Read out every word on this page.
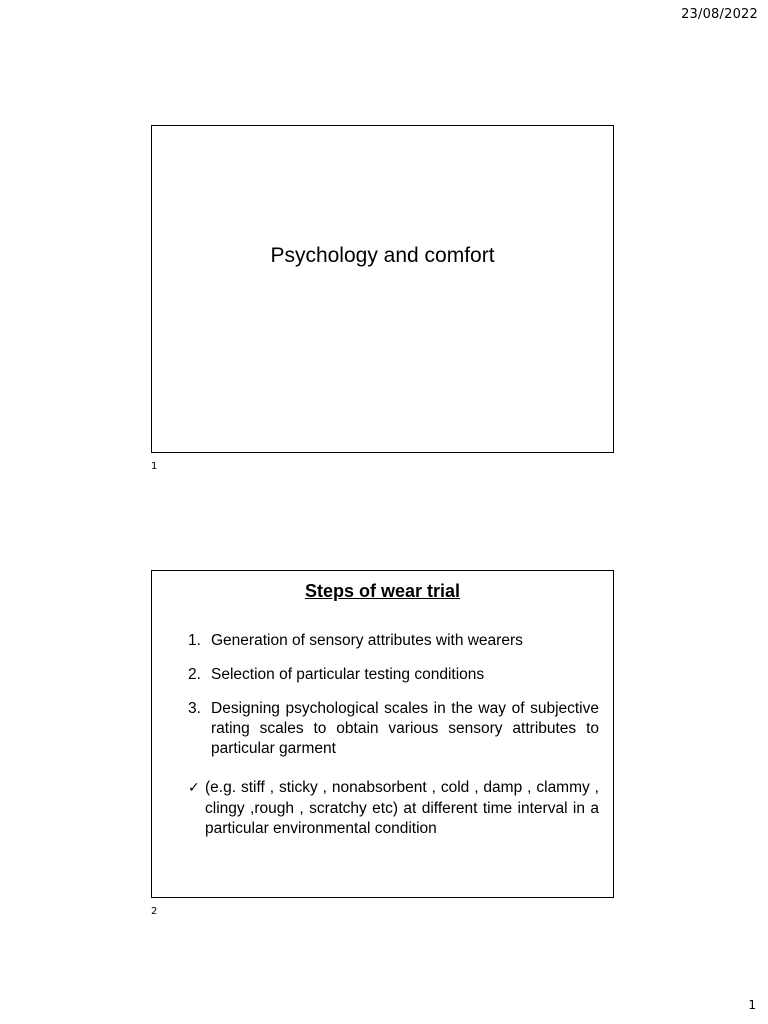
23/08/2022
Psychology and comfort
1
Steps of wear trial
1. Generation of sensory attributes with wearers
2. Selection of particular testing conditions
3. Designing psychological scales in the way of subjective rating scales to obtain various sensory attributes to particular garment
✓ (e.g. stiff , sticky , nonabsorbent , cold , damp , clammy , clingy ,rough , scratchy etc) at different time interval in a particular environmental condition
2
1
